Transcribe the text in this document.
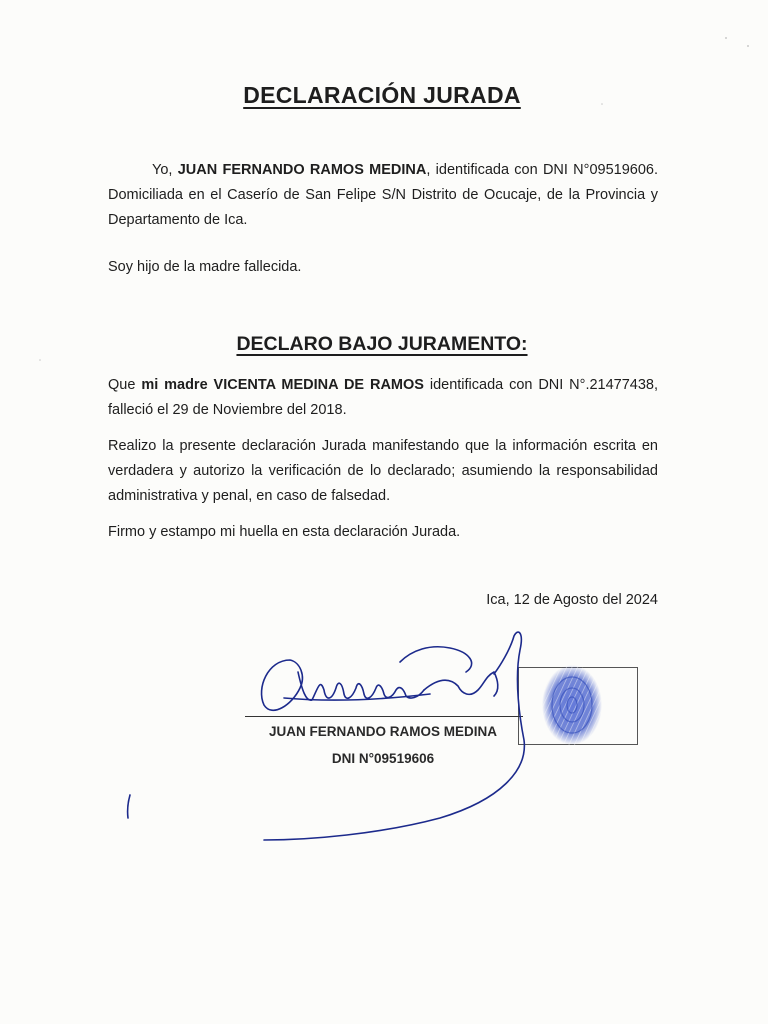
DECLARACIÓN JURADA

Yo, JUAN FERNANDO RAMOS MEDINA, identificada con DNI N°09519606. Domiciliada en el Caserío de San Felipe S/N Distrito de Ocucaje, de la Provincia y Departamento de Ica.

Soy hijo de la madre fallecida.

DECLARO BAJO JURAMENTO:

Que mi madre VICENTA MEDINA DE RAMOS identificada con DNI N°.21477438, falleció el 29 de Noviembre del 2018.

Realizo la presente declaración Jurada manifestando que la información escrita en verdadera y autorizo la verificación de lo declarado; asumiendo la responsabilidad administrativa y penal, en caso de falsedad.

Firmo y estampo mi huella en esta declaración Jurada.

Ica, 12 de Agosto del 2024
JUAN FERNANDO RAMOS MEDINA
DNI N°09519606
